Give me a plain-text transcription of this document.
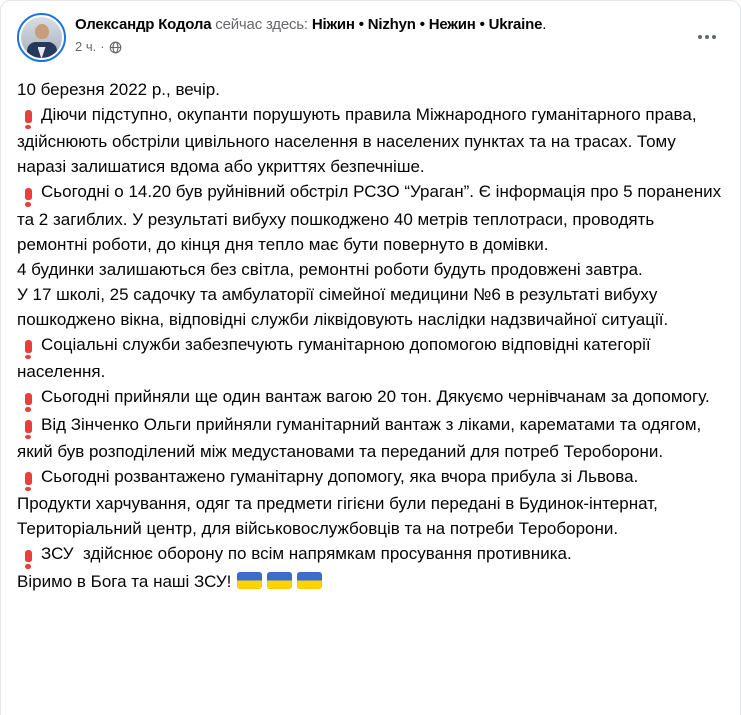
Олександр Кодола сейчас здесь: Ніжин • Nizhyn • Нежин • Ukraine.
2 ч. ·
10 березня 2022 р., вечір.
Діючи підступно, окупанти порушують правила Міжнародного гуманітарного права, здійснюють обстріли цивільного населення в населених пунктах та на трасах. Тому наразі залишатися вдома або укриттях безпечніше.
Сьогодні о 14.20 був руйнівний обстріл РСЗО “Ураган”. Є інформація про 5 поранених та 2 загиблих. У результаті вибуху пошкоджено 40 метрів теплотраси, проводять ремонтні роботи, до кінця дня тепло має бути повернуто в домівки.
4 будинки залишаються без світла, ремонтні роботи будуть продовжені завтра.
У 17 школі, 25 садочку та амбулаторії сімейної медицини №6 в результаті вибуху пошкоджено вікна, відповідні служби ліквідовують наслідки надзвичайної ситуації.
Соціальні служби забезпечують гуманітарною допомогою відповідні категорії населення.
Сьогодні прийняли ще один вантаж вагою 20 тон. Дякуємо чернівчанам за допомогу.
Від Зінченко Ольги прийняли гуманітарний вантаж з ліками, карематами та одягом, який був розподілений між медустановами та переданий для потреб Тероборони.
Сьогодні розвантажено гуманітарну допомогу, яка вчора прибула зі Львова.
Продукти харчування, одяг та предмети гігієни були передані в Будинок-інтернат, Територіальний центр, для військовослужбовців та на потреби Тероборони.
ЗСУ  здійснює оборону по всім напрямкам просування противника.
Віримо в Бога та наші ЗСУ!
